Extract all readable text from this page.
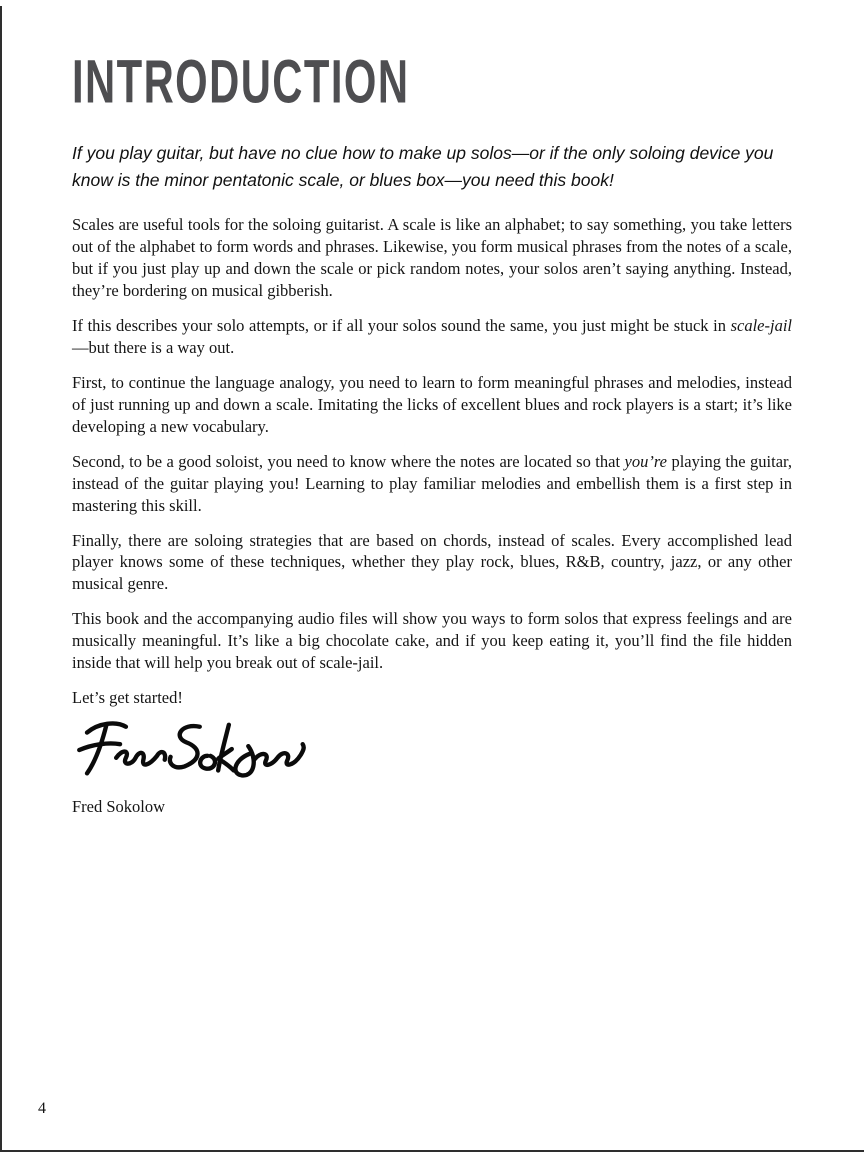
INTRODUCTION

If you play guitar, but have no clue how to make up solos—or if the only soloing device you know is the minor pentatonic scale, or blues box—you need this book!

Scales are useful tools for the soloing guitarist. A scale is like an alphabet; to say something, you take letters out of the alphabet to form words and phrases. Likewise, you form musical phrases from the notes of a scale, but if you just play up and down the scale or pick random notes, your solos aren’t saying anything. Instead, they’re bordering on musical gibberish.

If this describes your solo attempts, or if all your solos sound the same, you just might be stuck in scale-jail—but there is a way out.

First, to continue the language analogy, you need to learn to form meaningful phrases and melodies, instead of just running up and down a scale. Imitating the licks of excellent blues and rock players is a start; it’s like developing a new vocabulary.

Second, to be a good soloist, you need to know where the notes are located so that you’re playing the guitar, instead of the guitar playing you! Learning to play familiar melodies and embellish them is a first step in mastering this skill.

Finally, there are soloing strategies that are based on chords, instead of scales. Every accomplished lead player knows some of these techniques, whether they play rock, blues, R&B, country, jazz, or any other musical genre.

This book and the accompanying audio files will show you ways to form solos that express feelings and are musically meaningful. It’s like a big chocolate cake, and if you keep eating it, you’ll find the file hidden inside that will help you break out of scale-jail.

Let’s get started!

Fred Sokolow

4
